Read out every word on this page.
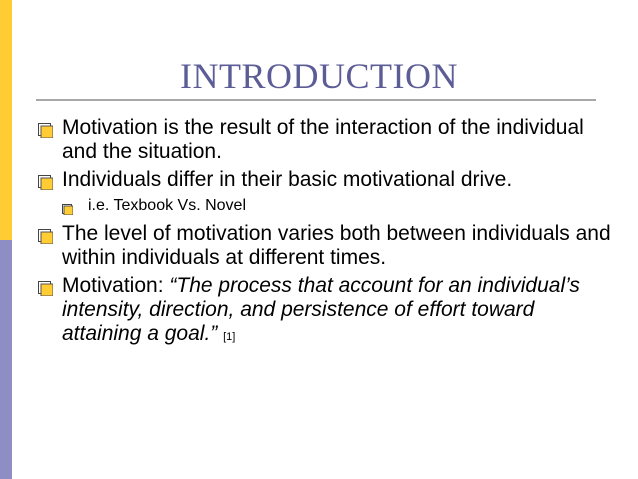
INTRODUCTION
Motivation is the result of the interaction of the individual and the situation.
Individuals differ in their basic motivational drive.
i.e. Texbook Vs. Novel
The level of motivation varies both between individuals and within individuals at different times.
Motivation: “The process that account for an individual’s intensity, direction, and persistence of effort toward attaining a goal.” [1]
